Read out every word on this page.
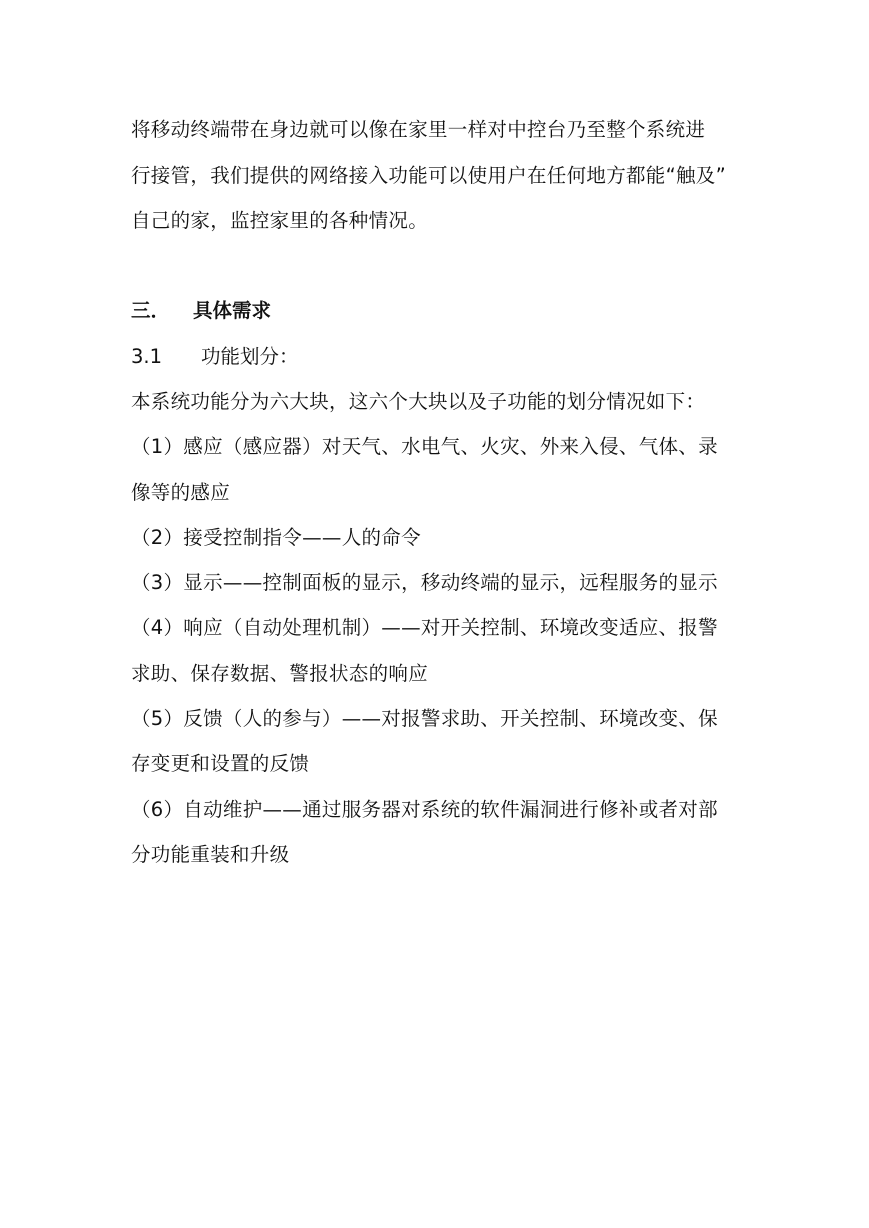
将移动终端带在身边就可以像在家里一样对中控台乃至整个系统进
行接管，我们提供的网络接入功能可以使用户在任何地方都能“触及”
自己的家，监控家里的各种情况。
三． 具体需求
3.1 功能划分：
本系统功能分为六大块，这六个大块以及子功能的划分情况如下：
（1）感应（感应器）对天气、水电气、火灾、外来入侵、气体、录
像等的感应
（2）接受控制指令——人的命令
（3）显示——控制面板的显示，移动终端的显示，远程服务的显示
（4）响应（自动处理机制）——对开关控制、环境改变适应、报警
求助、保存数据、警报状态的响应
（5）反馈（人的参与）——对报警求助、开关控制、环境改变、保
存变更和设置的反馈
（6）自动维护——通过服务器对系统的软件漏洞进行修补或者对部
分功能重装和升级
